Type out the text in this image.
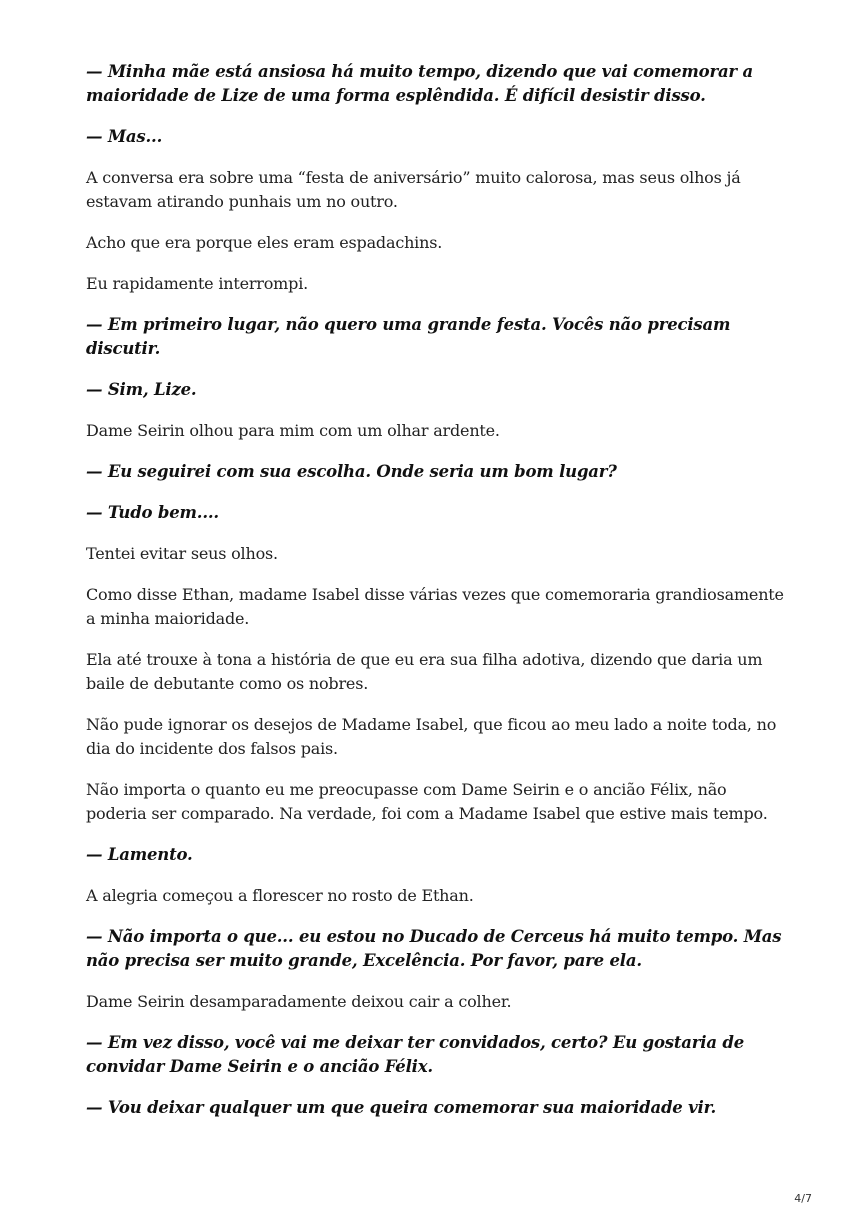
— Minha mãe está ansiosa há muito tempo, dizendo que vai comemorar a maioridade de Lize de uma forma esplêndida. É difícil desistir disso.

— Mas...

A conversa era sobre uma “festa de aniversário” muito calorosa, mas seus olhos já estavam atirando punhais um no outro.

Acho que era porque eles eram espadachins.

Eu rapidamente interrompi.

— Em primeiro lugar, não quero uma grande festa. Vocês não precisam discutir.

— Sim, Lize.

Dame Seirin olhou para mim com um olhar ardente.

— Eu seguirei com sua escolha. Onde seria um bom lugar?

— Tudo bem....

Tentei evitar seus olhos.

Como disse Ethan, madame Isabel disse várias vezes que comemoraria grandiosamente a minha maioridade.

Ela até trouxe à tona a história de que eu era sua filha adotiva, dizendo que daria um baile de debutante como os nobres.

Não pude ignorar os desejos de Madame Isabel, que ficou ao meu lado a noite toda, no dia do incidente dos falsos pais.

Não importa o quanto eu me preocupasse com Dame Seirin e o ancião Félix, não poderia ser comparado. Na verdade, foi com a Madame Isabel que estive mais tempo.

— Lamento.

A alegria começou a florescer no rosto de Ethan.

— Não importa o que... eu estou no Ducado de Cerceus há muito tempo. Mas não precisa ser muito grande, Excelência. Por favor, pare ela.

Dame Seirin desamparadamente deixou cair a colher.

— Em vez disso, você vai me deixar ter convidados, certo? Eu gostaria de convidar Dame Seirin e o ancião Félix.

— Vou deixar qualquer um que queira comemorar sua maioridade vir.

4/7
